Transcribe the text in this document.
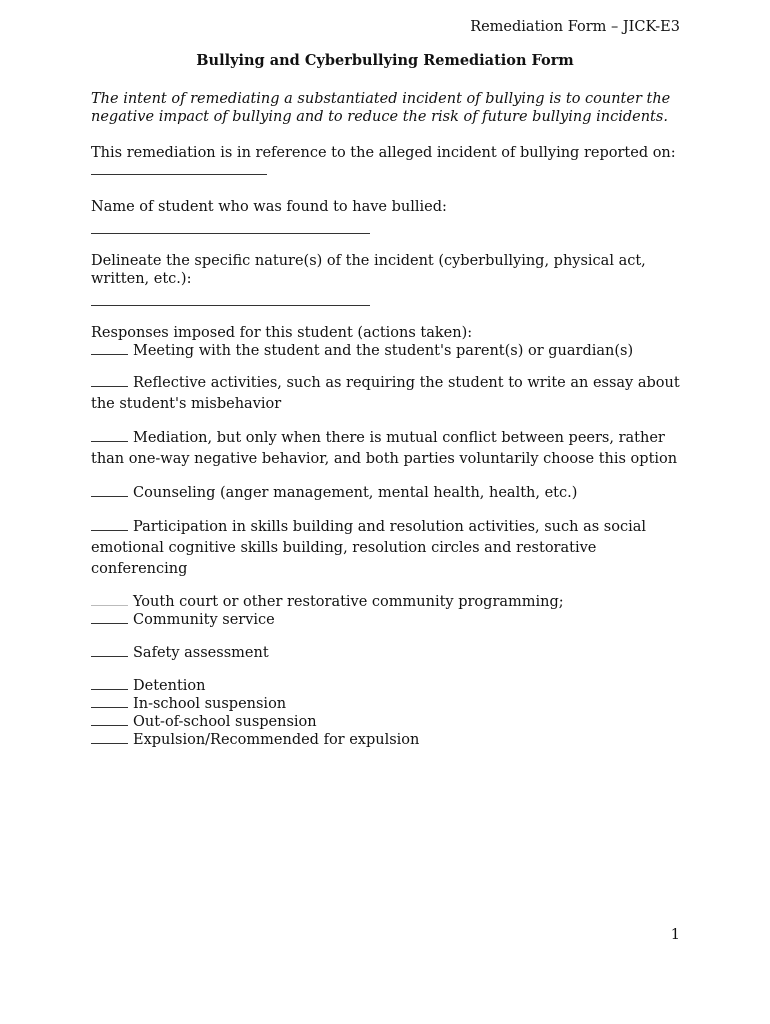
Remediation Form – JICK-E3
Bullying and Cyberbullying Remediation Form

The intent of remediating a substantiated incident of bullying is to counter the negative impact of bullying and to reduce the risk of future bullying incidents.

This remediation is in reference to the alleged incident of bullying reported on:

Name of student who was found to have bullied:
Delineate the specific nature(s) of the incident (cyberbullying, physical act, written, etc.):

Responses imposed for this student (actions taken):

Meeting with the student and the student's parent(s) or guardian(s)
Reflective activities, such as requiring the student to write an essay about the student's misbehavior
Mediation, but only when there is mutual conflict between peers, rather than one-way negative behavior, and both parties voluntarily choose this option
Counseling (anger management, mental health, health, etc.)
Participation in skills building and resolution activities, such as social emotional cognitive skills building, resolution circles and restorative conferencing
Youth court or other restorative community programming;
Community service
Safety assessment
Detention
In-school suspension
Out-of-school suspension
Expulsion/Recommended for expulsion
1
